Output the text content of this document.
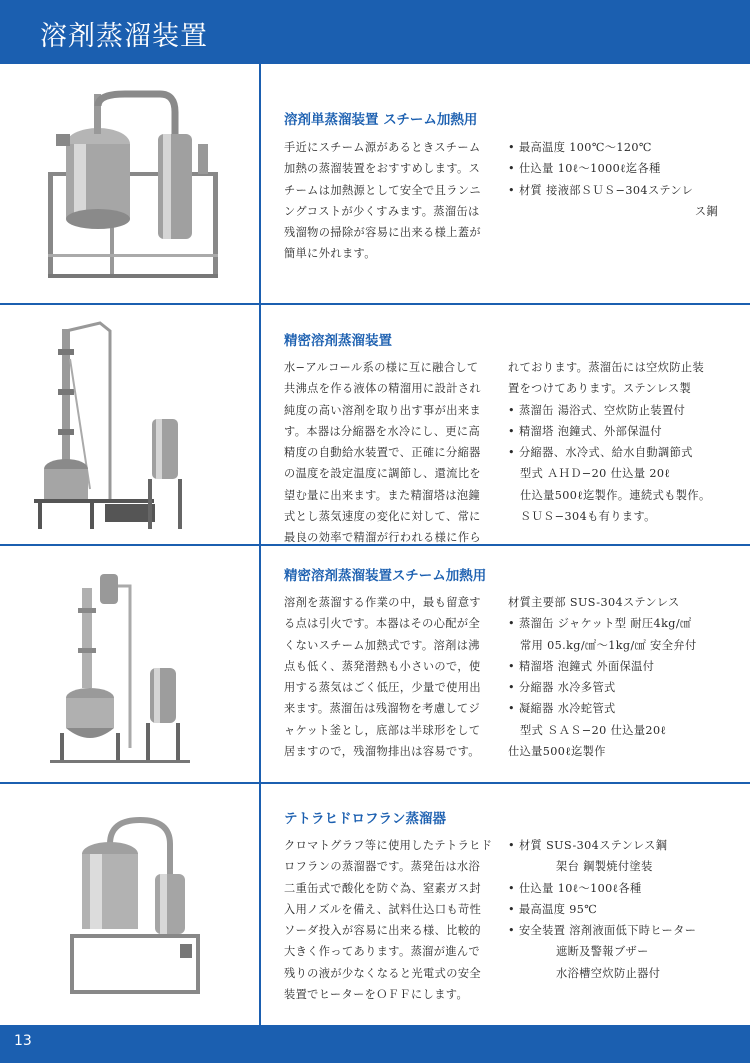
溶剤蒸溜装置
溶剤単蒸溜装置 スチーム加熱用

手近にスチーム源があるときスチーム

加熱の蒸溜装置をおすすめします。ス

チームは加熱源として安全で且ランニ

ングコストが少くすみます。蒸溜缶は

残溜物の掃除が容易に出来る様上蓋が

簡単に外れます。

• 最高温度 100℃〜120℃

• 仕込量 10ℓ〜1000ℓ迄各種

• 材質 接液部ＳＵＳ−304ステンレ

ス鋼

精密溶剤蒸溜装置

水−アルコール系の様に互に融合して

共沸点を作る液体の精溜用に設計され

純度の高い溶剤を取り出す事が出来ま

す。本器は分縮器を水冷にし、更に高

精度の自動給水装置で、正確に分縮器

の温度を設定温度に調節し、還流比を

望む量に出来ます。また精溜塔は泡鐘

式とし蒸気速度の変化に対して、常に

最良の効率で精溜が行われる様に作ら

れております。蒸溜缶には空炊防止装

置をつけてあります。ステンレス製

• 蒸溜缶 湯浴式、空炊防止装置付

• 精溜塔 泡鐘式、外部保温付

• 分縮器、水冷式、給水自動調節式

型式 ＡＨＤ−20 仕込量 20ℓ

仕込量500ℓ迄製作。連続式も製作。

ＳＵＳ−304も有ります。

精密溶剤蒸溜装置スチーム加熱用

溶剤を蒸溜する作業の中，最も留意す

る点は引火です。本器はその心配が全

くないスチーム加熱式です。溶剤は沸

点も低く、蒸発潜熱も小さいので，使

用する蒸気はごく低圧，少量で使用出

来ます。蒸溜缶は残溜物を考慮してジ

ャケット釜とし，底部は半球形をして

居ますので，残溜物排出は容易です。

材質主要部 SUS-304ステンレス

• 蒸溜缶 ジャケット型 耐圧4kg/㎠

常用 05.kg/㎠〜1kg/㎠ 安全弁付

• 精溜塔 泡鐘式 外面保温付

• 分縮器 水冷多管式

• 凝縮器 水冷蛇管式

型式 ＳＡＳ−20 仕込量20ℓ

仕込量500ℓ迄製作

テトラヒドロフラン蒸溜器

クロマトグラフ等に使用したテトラヒド

ロフランの蒸溜器です。蒸発缶は水浴

二重缶式で酸化を防ぐ為、窒素ガス封

入用ノズルを備え、試料仕込口も苛性

ソーダ投入が容易に出来る様、比較的

大きく作ってあります。蒸溜が進んで

残りの液が少なくなると光電式の安全

装置でヒーターをＯＦＦにします。

• 材質 SUS-304ステンレス鋼

架台 鋼製焼付塗装

• 仕込量 10ℓ〜100ℓ各種

• 最高温度 95℃

• 安全装置 溶剤液面低下時ヒーター

遮断及警報ブザー

水浴槽空炊防止器付

13
